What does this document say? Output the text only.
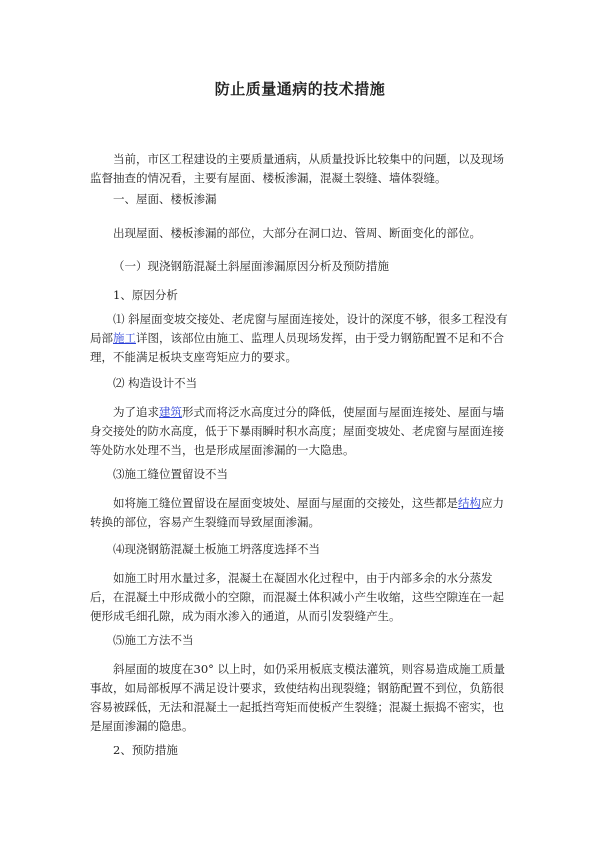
防止质量通病的技术措施

当前，市区工程建设的主要质量通病，从质量投诉比较集中的问题，以及现场监督抽查的情况看，主要有屋面、楼板渗漏，混凝土裂缝、墙体裂缝。

一、屋面、楼板渗漏

出现屋面、楼板渗漏的部位，大部分在洞口边、管周、断面变化的部位。

（一）现浇钢筋混凝土斜屋面渗漏原因分析及预防措施

1、原因分析

⑴ 斜屋面变坡交接处、老虎窗与屋面连接处，设计的深度不够，很多工程没有局部施工详图，该部位由施工、监理人员现场发挥，由于受力钢筋配置不足和不合理，不能满足板块支座弯矩应力的要求。

⑵ 构造设计不当

为了追求建筑形式而将泛水高度过分的降低，使屋面与屋面连接处、屋面与墙身交接处的防水高度，低于下暴雨瞬时积水高度；屋面变坡处、老虎窗与屋面连接等处防水处理不当，也是形成屋面渗漏的一大隐患。

⑶施工缝位置留设不当

如将施工缝位置留设在屋面变坡处、屋面与屋面的交接处，这些都是结构应力转换的部位，容易产生裂缝而导致屋面渗漏。

⑷现浇钢筋混凝土板施工坍落度选择不当

如施工时用水量过多，混凝土在凝固水化过程中，由于内部多余的水分蒸发后，在混凝土中形成微小的空隙，而混凝土体积减小产生收缩，这些空隙连在一起便形成毛细孔隙，成为雨水渗入的通道，从而引发裂缝产生。

⑸施工方法不当

斜屋面的坡度在30° 以上时，如仍采用板底支模法灌筑，则容易造成施工质量事故，如局部板厚不满足设计要求，致使结构出现裂缝；钢筋配置不到位，负筋很容易被踩低，无法和混凝土一起抵挡弯矩而使板产生裂缝；混凝土振捣不密实，也是屋面渗漏的隐患。

2、预防措施
